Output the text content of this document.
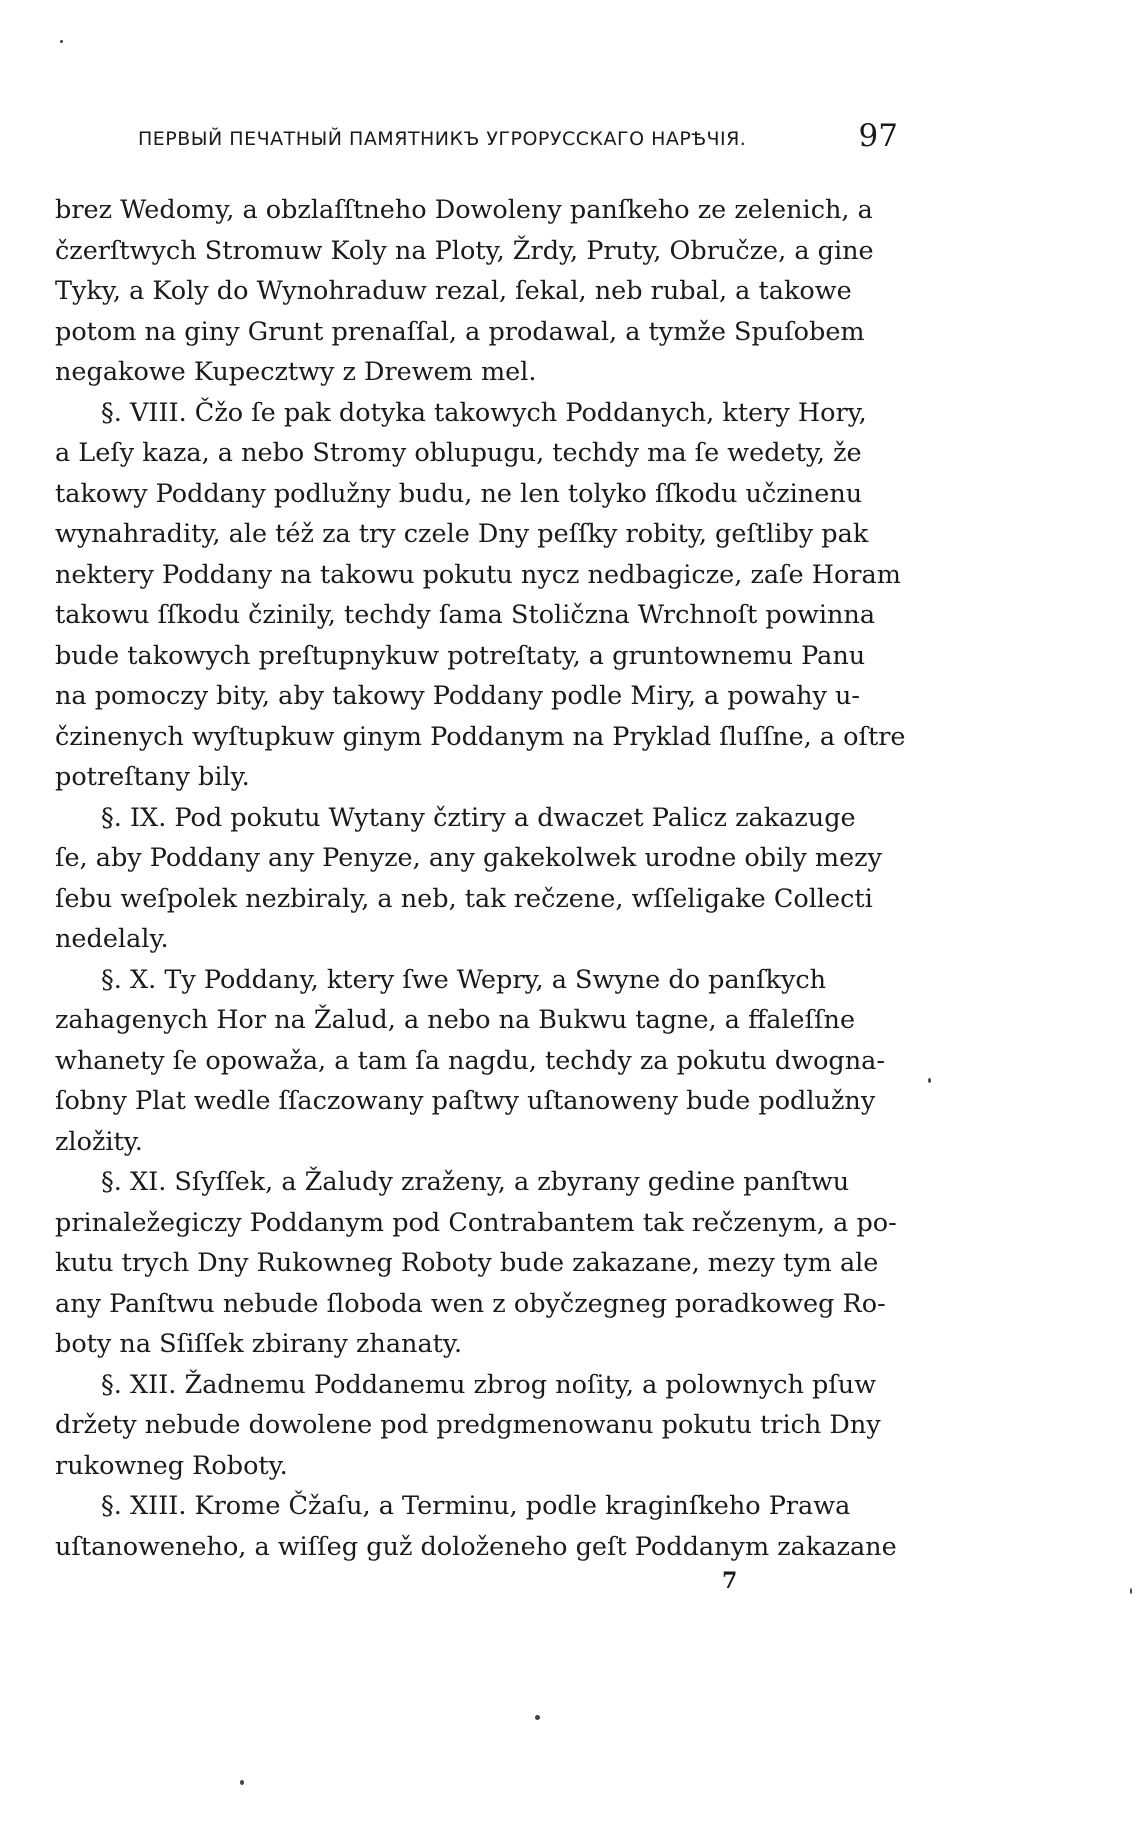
ПЕРВЫЙ ПЕЧАТНЫЙ ПАМЯТНИКЪ УГРОРУССКАГО НАРѢЧІЯ.	97
brez Wedomy, a obzlaſſtneho Dowoleny panſkeho ze zelenich, a
čzerſtwych Stromuw Koly na Ploty, Žrdy, Pruty, Obručze, a gine
Tyky, a Koly do Wynohraduw rezal, ſekal, neb rubal, a takowe
potom na giny Grunt prenaſſal, a prodawal, a tymže Spuſobem
negakowe Kupecztwy z Drewem mel.
§. VIII. Čžo ſe pak dotyka takowych Poddanych, ktery Hory,
a Leſy kaza, a nebo Stromy oblupugu, techdy ma ſe wedety, že
takowy Poddany podlužny budu, ne len tolyko ſſkodu učzinenu
wynahradity, ale též za try czele Dny peſſky robity, geſtliby pak
nektery Poddany na takowu pokutu nycz nedbagicze, zaſe Horam
takowu ſſkodu čzinily, techdy ſama Stoličzna Wrchnoſt powinna
bude takowych preſtupnykuw potreſtaty, a gruntownemu Panu
na pomoczy bity, aby takowy Poddany podle Miry, a powahy u-
čzinenych wyſtupkuw ginym Poddanym na Pryklad ſluſſne, a oſtre
potreſtany bily.
§. IX. Pod pokutu Wytany čztiry a dwaczet Palicz zakazuge
ſe, aby Poddany any Penyze, any gakekolwek urodne obily mezy
ſebu weſpolek nezbiraly, a neb, tak rečzene, wſſeligake Collecti
nedelaly.
§. X. Ty Poddany, ktery ſwe Wepry, a Swyne do panſkych
zahagenych Hor na Žalud, a nebo na Bukwu tagne, a ffaleſſne
whanety ſe opowaža, a tam ſa nagdu, techdy za pokutu dwogna-
ſobny Plat wedle ſſaczowany paſtwy uſtanoweny bude podlužny
zložity.
§. XI. Sſyſſek, a Žaludy zraženy, a zbyrany gedine panſtwu
prinaležegiczy Poddanym pod Contrabantem tak rečzenym, a po-
kutu trych Dny Rukowneg Roboty bude zakazane, mezy tym ale
any Panſtwu nebude ſloboda wen z obyčzegneg poradkoweg Ro-
boty na Sſiſſek zbirany zhanaty.
§. XII. Žadnemu Poddanemu zbrog noſity, a polownych pſuw
držety nebude dowolene pod predgmenowanu pokutu trich Dny
rukowneg Roboty.
§. XIII. Krome Čžaſu, a Terminu, podle kraginſkeho Prawa
uſtanoweneho, a wiſſeg guž doloženeho geſt Poddanym zakazane
7
